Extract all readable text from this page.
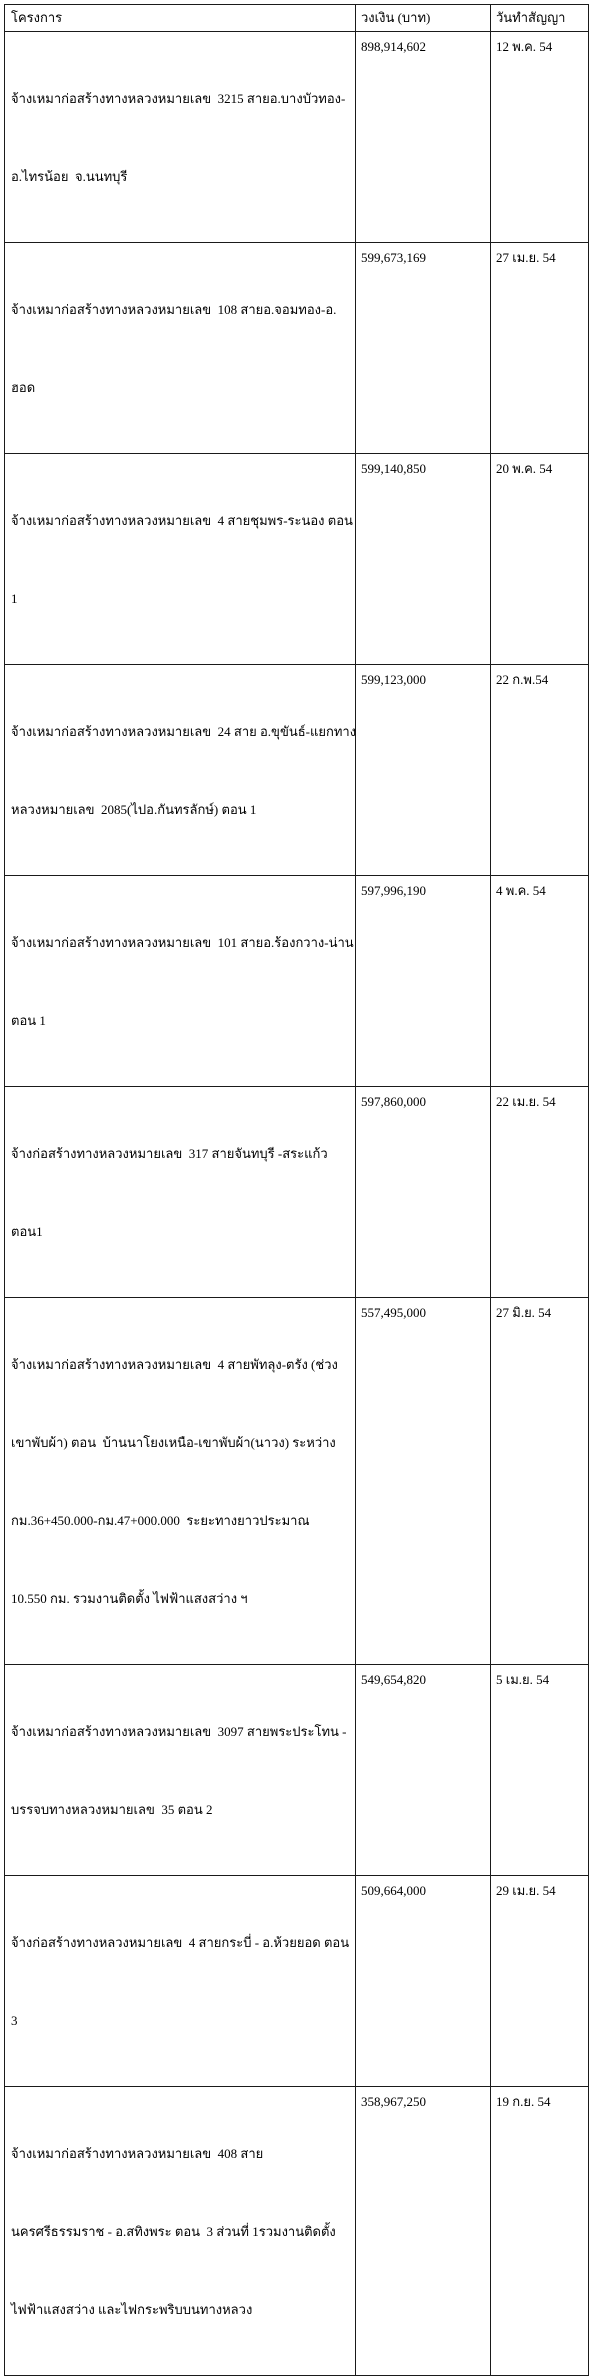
โครงการ	วงเงิน (บาท)	วันทำสัญญา

จ้างเหมาก่อสร้างทางหลวงหมายเลข  3215 สายอ.บางบัวทอง-

อ.ไทรน้อย  จ.นนทบุรี	898,914,602	12 พ.ค. 54

จ้างเหมาก่อสร้างทางหลวงหมายเลข  108 สายอ.จอมทอง-อ.

ฮอด	599,673,169	27 เม.ย. 54

จ้างเหมาก่อสร้างทางหลวงหมายเลข  4 สายชุมพร-ระนอง ตอน

1	599,140,850	20 พ.ค. 54

จ้างเหมาก่อสร้างทางหลวงหมายเลข  24 สาย อ.ขุขันธ์-แยกทาง

หลวงหมายเลข  2085(ไปอ.กันทรลักษ์) ตอน 1	599,123,000	22 ก.พ.54

จ้างเหมาก่อสร้างทางหลวงหมายเลข  101 สายอ.ร้องกวาง-น่าน

ตอน 1	597,996,190	4 พ.ค. 54

จ้างก่อสร้างทางหลวงหมายเลข  317 สายจันทบุรี -สระแก้ว

ตอน1	597,860,000	22 เม.ย. 54

จ้างเหมาก่อสร้างทางหลวงหมายเลข  4 สายพัทลุง-ตรัง (ช่วง

เขาพับผ้า) ตอน  บ้านนาโยงเหนือ-เขาพับผ้า(นาวง) ระหว่าง

กม.36+450.000-กม.47+000.000  ระยะทางยาวประมาณ

10.550 กม. รวมงานติดตั้ง ไฟฟ้าแสงสว่าง ฯ	557,495,000	27 มิ.ย. 54

จ้างเหมาก่อสร้างทางหลวงหมายเลข  3097 สายพระประโทน -

บรรจบทางหลวงหมายเลข  35 ตอน 2	549,654,820	5 เม.ย. 54

จ้างก่อสร้างทางหลวงหมายเลข  4 สายกระบี่ - อ.ห้วยยอด ตอน

3	509,664,000	29 เม.ย. 54

จ้างเหมาก่อสร้างทางหลวงหมายเลข  408 สาย

นครศรีธรรมราช - อ.สทิงพระ ตอน  3 ส่วนที่ 1รวมงานติดตั้ง

ไฟฟ้าแสงสว่าง และไฟกระพริบบนทางหลวง	358,967,250	19 ก.ย. 54
